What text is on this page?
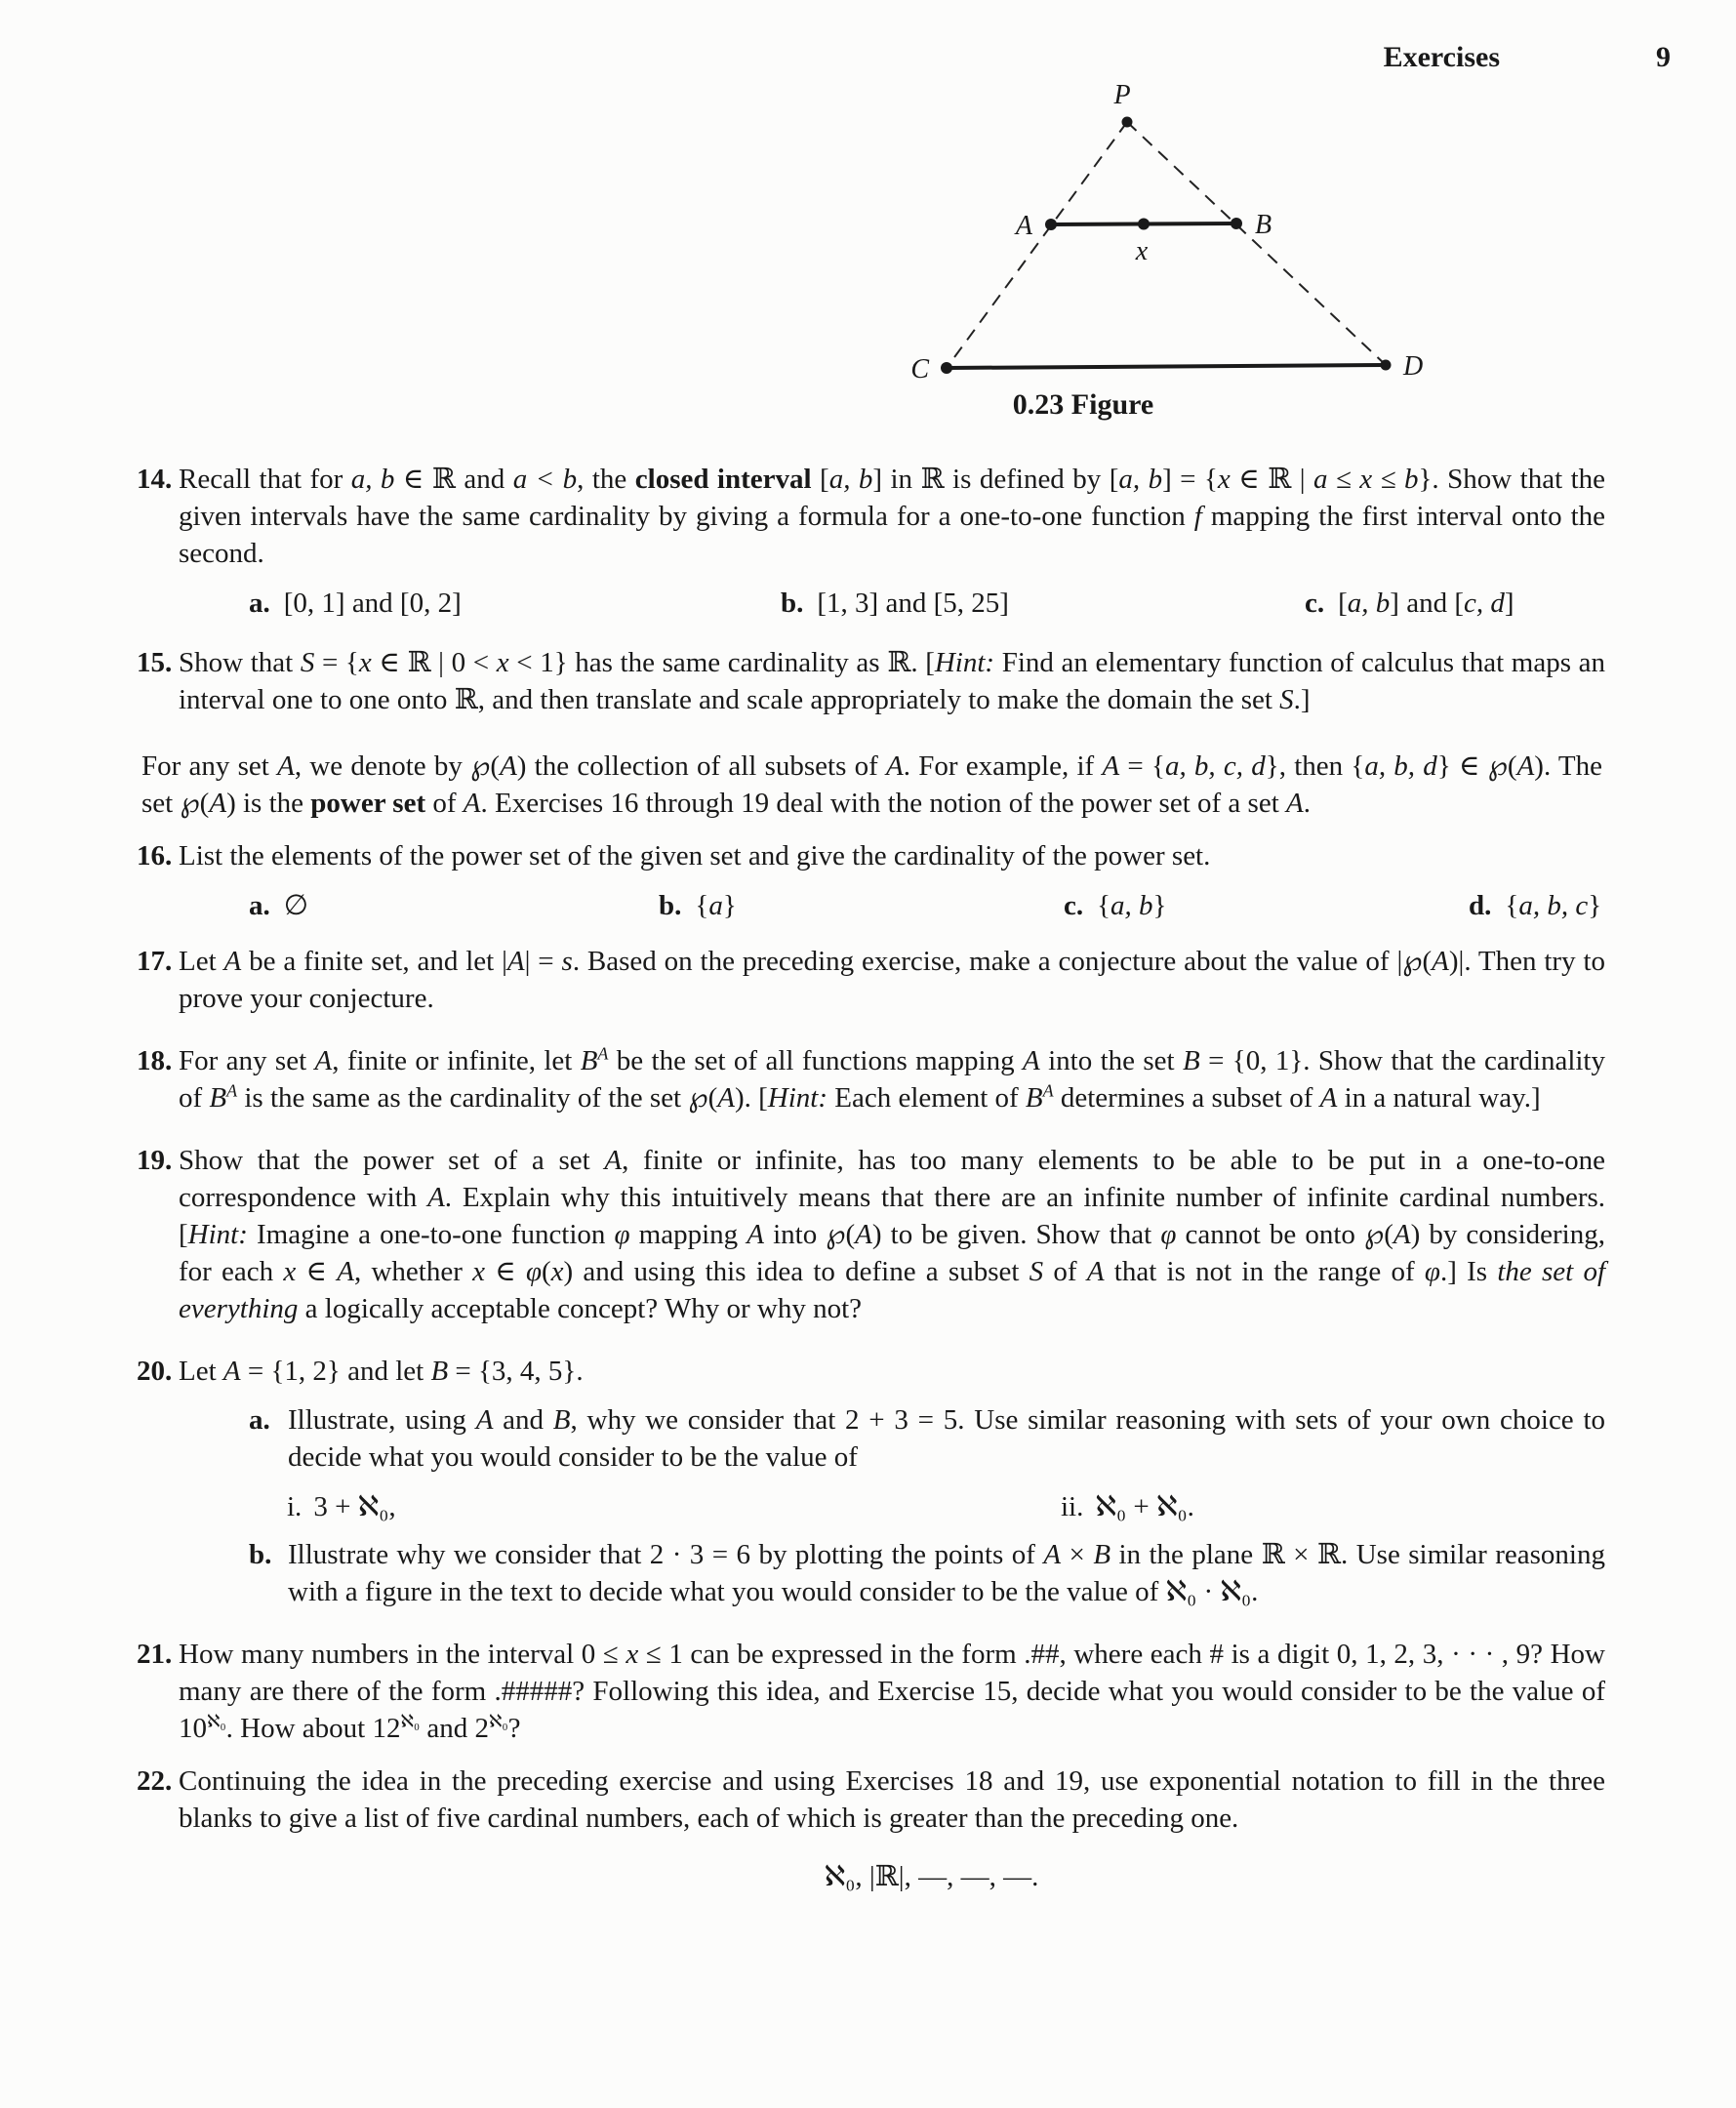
Exercises	9
P
A	B
x
C	D
0.23 Figure
14. Recall that for a, b ∈ ℝ and a < b, the closed interval [a, b] in ℝ is defined by [a, b] = {x ∈ ℝ | a ≤ x ≤ b}. Show that the given intervals have the same cardinality by giving a formula for a one-to-one function f mapping the first interval onto the second.
a. [0, 1] and [0, 2]	b. [1, 3] and [5, 25]	c. [a, b] and [c, d]
15. Show that S = {x ∈ ℝ | 0 < x < 1} has the same cardinality as ℝ. [Hint: Find an elementary function of calculus that maps an interval one to one onto ℝ, and then translate and scale appropriately to make the domain the set S.]
For any set A, we denote by ℘(A) the collection of all subsets of A. For example, if A = {a, b, c, d}, then {a, b, d} ∈ ℘(A). The set ℘(A) is the power set of A. Exercises 16 through 19 deal with the notion of the power set of a set A.
16. List the elements of the power set of the given set and give the cardinality of the power set.
a. ∅	b. {a}	c. {a, b}	d. {a, b, c}
17. Let A be a finite set, and let |A| = s. Based on the preceding exercise, make a conjecture about the value of |℘(A)|. Then try to prove your conjecture.
18. For any set A, finite or infinite, let $B^A$ be the set of all functions mapping A into the set B = {0, 1}. Show that the cardinality of $B^A$ is the same as the cardinality of the set ℘(A). [Hint: Each element of $B^A$ determines a subset of A in a natural way.]
19. Show that the power set of a set A, finite or infinite, has too many elements to be able to be put in a one-to-one correspondence with A. Explain why this intuitively means that there are an infinite number of infinite cardinal numbers. [Hint: Imagine a one-to-one function φ mapping A into ℘(A) to be given. Show that φ cannot be onto ℘(A) by considering, for each x ∈ A, whether x ∈ φ(x) and using this idea to define a subset S of A that is not in the range of φ.] Is the set of everything a logically acceptable concept? Why or why not?
20. Let A = {1, 2} and let B = {3, 4, 5}.
a. Illustrate, using A and B, why we consider that 2 + 3 = 5. Use similar reasoning with sets of your own choice to decide what you would consider to be the value of
i. 3 + ℵ₀,	ii. ℵ₀ + ℵ₀.
b. Illustrate why we consider that 2 · 3 = 6 by plotting the points of A × B in the plane ℝ × ℝ. Use similar reasoning with a figure in the text to decide what you would consider to be the value of ℵ₀ · ℵ₀.
21. How many numbers in the interval 0 ≤ x ≤ 1 can be expressed in the form .##, where each # is a digit 0, 1, 2, 3, · · · , 9? How many are there of the form .#####? Following this idea, and Exercise 15, decide what you would consider to be the value of $10^{ℵ_0}$. How about $12^{ℵ_0}$ and $2^{ℵ_0}$?
22. Continuing the idea in the preceding exercise and using Exercises 18 and 19, use exponential notation to fill in the three blanks to give a list of five cardinal numbers, each of which is greater than the preceding one.
ℵ₀, |ℝ|, —, —, —.
